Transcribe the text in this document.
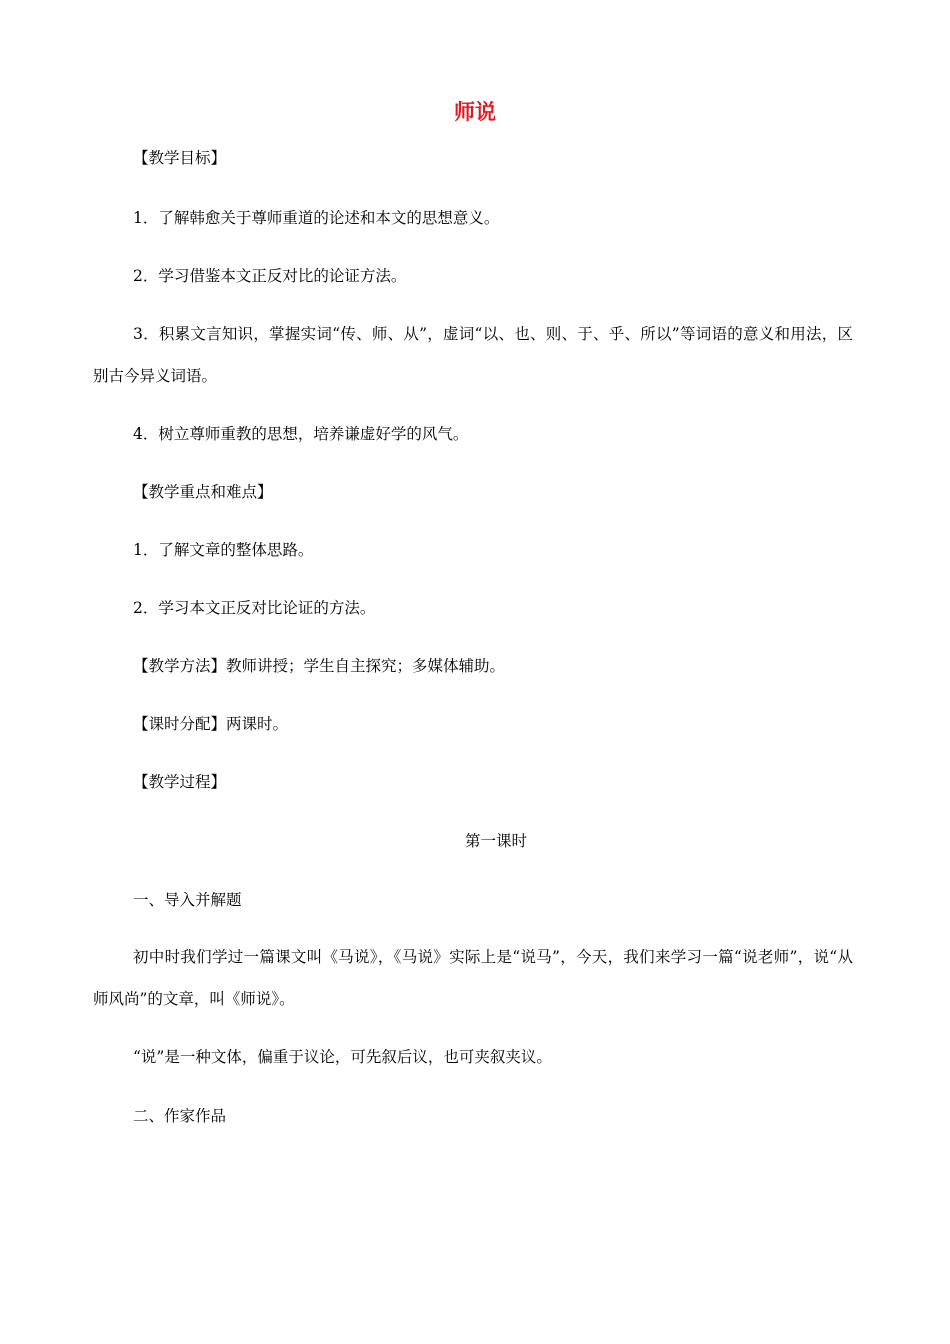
师说
【教学目标】
1．了解韩愈关于尊师重道的论述和本文的思想意义。
2．学习借鉴本文正反对比的论证方法。
3．积累文言知识，掌握实词“传、师、从”，虚词“以、也、则、于、乎、所以”等词语的意义和用法，区别古今异义词语。
4．树立尊师重教的思想，培养谦虚好学的风气。
【教学重点和难点】
1．了解文章的整体思路。
2．学习本文正反对比论证的方法。
【教学方法】教师讲授；学生自主探究；多媒体辅助。
【课时分配】两课时。
【教学过程】
第一课时
一、导入并解题
初中时我们学过一篇课文叫《马说》，《马说》实际上是“说马”，今天，我们来学习一篇“说老师”，说“从师风尚”的文章，叫《师说》。
“说”是一种文体，偏重于议论，可先叙后议，也可夹叙夹议。
二、作家作品
